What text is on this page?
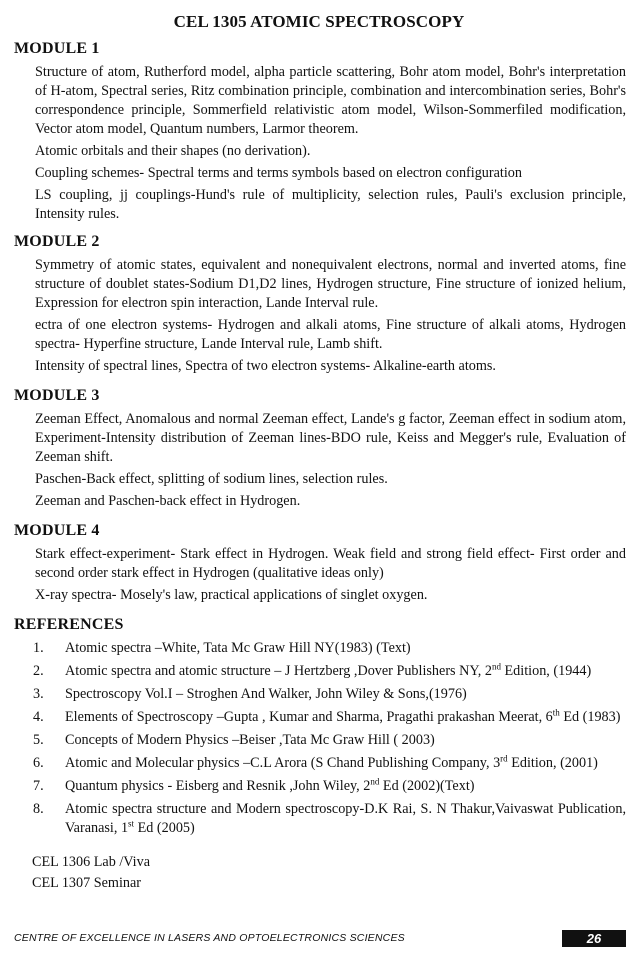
CEL 1305 ATOMIC SPECTROSCOPY
MODULE 1

Structure of atom, Rutherford model, alpha particle scattering, Bohr atom model, Bohr's interpretation of H-atom, Spectral series, Ritz combination principle, combination and intercombination series, Bohr's correspondence principle, Sommerfield relativistic atom model, Wilson-Sommerfiled modification, Vector atom model, Quantum numbers, Larmor theorem.

Atomic orbitals and their shapes (no derivation).

Coupling schemes- Spectral terms and terms symbols based on electron configuration

LS coupling, jj couplings-Hund's rule of multiplicity, selection rules, Pauli's exclusion principle, Intensity rules.

MODULE 2

Symmetry of atomic states, equivalent and nonequivalent electrons, normal and inverted atoms, fine structure of doublet states-Sodium D1,D2 lines, Hydrogen structure, Fine structure of ionized helium, Expression for electron spin interaction, Lande Interval rule.

ectra of one electron systems- Hydrogen and alkali atoms, Fine structure of alkali atoms, Hydrogen spectra- Hyperfine structure, Lande Interval rule, Lamb shift.

Intensity of spectral lines, Spectra of two electron systems- Alkaline-earth atoms.

MODULE 3

Zeeman Effect, Anomalous and normal Zeeman effect, Lande's g factor, Zeeman effect in sodium atom, Experiment-Intensity distribution of Zeeman lines-BDO rule, Keiss and Megger's rule, Evaluation of Zeeman shift.

Paschen-Back effect, splitting of sodium lines, selection rules.

Zeeman and Paschen-back effect in Hydrogen.

MODULE 4

Stark effect-experiment- Stark effect in Hydrogen. Weak field and strong field effect- First order and second order stark effect in Hydrogen (qualitative ideas only)

X-ray spectra- Mosely's law, practical applications of singlet oxygen.

REFERENCES
1.	Atomic spectra –White, Tata Mc Graw Hill NY(1983) (Text)
2.	Atomic spectra and atomic structure – J Hertzberg ,Dover Publishers NY, 2nd Edition, (1944)
3.	Spectroscopy Vol.I – Stroghen And Walker, John Wiley & Sons,(1976)
4.	Elements of Spectroscopy –Gupta , Kumar and Sharma, Pragathi prakashan Meerat, 6th Ed (1983)
5.	Concepts of Modern Physics –Beiser ,Tata Mc Graw Hill ( 2003)
6.	Atomic and Molecular physics –C.L Arora (S Chand Publishing Company, 3rd Edition, (2001)
7.	Quantum physics - Eisberg and Resnik ,John Wiley, 2nd Ed (2002)(Text)
8.	Atomic spectra structure and Modern spectroscopy-D.K Rai, S. N Thakur,Vaivaswat Publication, Varanasi, 1st Ed (2005)
CEL 1306 Lab /Viva
CEL 1307 Seminar
CENTRE OF EXCELLENCE IN LASERS AND OPTOELECTRONICS SCIENCES	26
